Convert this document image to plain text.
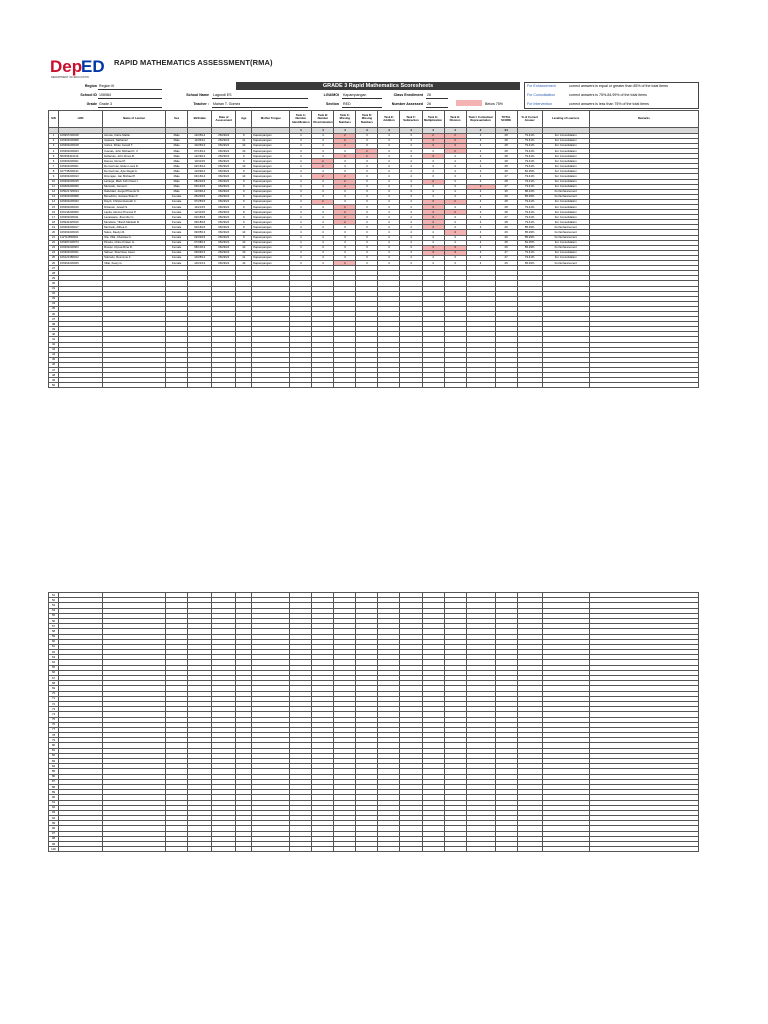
Dep
ED
DEPARTMENT OF EDUCATION
RAPID MATHEMATICS ASSESSMENT(RMA)
Region Region III
School ID 106984
Grade Grade 3
GRADE 3 Rapid Mathematics Scoresheets
School Name Lagundi ES
Teacher : Mairan T. Gomez
LGU/MOI Kapampangan
Section RED
Class Enrollment 26
Number Assessed 26	Below 75%
For Enhancement	correct answers is equal or greater than 85% of the total items
For Consolidation	correct answers is 75%-84.99% of the total items
For Intervention	correct answers is less than 75% of the total items
S/N	LRN	Name of Learner	Sex	Birthdate	Date of Assessment	Age	Mother Tongue	Task A: Number Identification	Task B: Number Discrimination	Task C: Missing Numbers	Task D: Missing Numbers	Task E: Addition	Task F: Subtraction	Task G: Multiplication	Task H: Division	Task I: Contextual Representation	TOTAL SCORE	% of Correct Answer	Leveling of Learners	Remarks
								4	4	4	4	4	4	4	4	4	34			
1	106997230018	Acunia, Claire Mattie	Male	12/25/14	06/29/24	9	Kapampangan	4	4	2	3	4	3	2	2	4	28	79.41%	For Consolidation	
2	106363230008	Apasani, Nathaniel	Male	11/26/12	06/29/24	11	Kapampangan	4	4	2	3	4	4	3	2	4	28	79.41%	For Consolidation	
3	106363230018	Carlos, Khian Jonard T.	Male	10/26/13	06/29/24	10	Kapampangan	4	4	2	3	4	4	3	3	4	28	79.41%	For Consolidation	
4	106363230023	Cuevas, John Michael D. II	Male	07/16/14	06/29/24	10	Kapampangan	4	4	3	2	4	4	3	2	4	28	79.41%	For Consolidation	
5	500356310116	Dellamas, John Rovie B.	Male	12/29/14	06/29/24	9	Kapampangan	4	4	2	2	4	4	3	4	4	28	79.41%	For Consolidation	
6	106363230021	Dames, Romel P.	Male	10/11/15	06/29/24	9	Kapampangan	4	2	3	3	4	4	3	4	4	28	79.41%	For Consolidation	
7	106363230001	De Guzman, Elden Louis D.	Male	02/16/14	06/29/24	10	Kapampangan	4	2	3	3	4	4	3	3	4	28	79.41%	For Consolidation	
8	107735230131	De Guzman, Zyle Regal G.	Male	12/09/14	06/29/24	9	Kapampangan	4	4	3	3	4	4	4	4	4	28	82.35%	For Consolidation	
9	106363230013	Dinongan, Jan Michael P.	Male	04/16/14	06/29/24	10	Kapampangan	4	2	2	3	4	4	3	3	4	27	79.41%	For Consolidation	
10	106363230015	Lantoga, Mark John Dean I.	Male	08/22/15	06/29/24	9	Kapampangan	4	4	2	3	4	4	2	3	4	28	79.41%	For Consolidation	
11	106363230030	Mercado, Jomuel I.	Male	03/14/15	06/29/24	9	Kapampangan	4	4	2	3	4	4	3	3	3	27	79.41%	For Consolidation	
12	105021720014	Natividad, Joegel Phoenix N.	Male	12/09/14	06/29/24	9	Kapampangan	4	4	3	3	4	4	4	4	4	30	88.24%	For Enhancement	
13	106363230008	Benedicto, Jussiea Shan P.	Female	05/20/15	06/29/24	9	Kapampangan	4	4	3	3	4	4	4	4	4	29	85.29%	For Enhancement	
14	106363230033	Dayrit, Christel Hannah C.	Female	07/25/15	06/29/24	9	Kapampangan	4	2	3	3	4	4	3	2	4	28	79.41%	For Consolidation	
15	106363230010	Dizanam, Jewell S.	Female	11/21/15	06/29/24	9	Kapampangan	4	4	2	3	4	4	3	3	4	28	79.41%	For Consolidation	
16	106136200006	Lapita, Alonna Princess P.	Female	12/11/15	06/29/24	8	Kapampangan	4	4	2	3	4	4	3	2	4	28	79.41%	For Consolidation	
17	106363230011	Lavaswara, Jhennifer C.	Female	02/18/15	06/29/24	9	Kapampangan	4	4	2	3	4	4	3	3	4	27	79.41%	For Consolidation	
18	106942420016	Mendieta, Ylliesh Marleah B.	Female	09/18/15	06/29/24	9	Kapampangan	4	4	2	3	4	4	3	3	4	28	79.41%	For Consolidation	
19	106363230017	Mercado, Althea C.	Female	02/16/15	06/29/24	9	Kapampangan	4	4	3	3	4	4	3	4	4	29	85.29%	For Enhancement	
20	106363230016	Nalos, Daelyn R.	Female	09/05/13	06/29/24	10	Kapampangan	4	4	3	3	4	4	4	3	4	29	85.29%	For Enhancement	
21	112711550001	Ola, Villa, Charissa G.	Female	02/02/15	06/29/24	9	Kapampangan	4	4	3	3	4	4	4	3	4	29	85.29%	For Enhancement	
22	106387230073	Pineda, Chloe Kristen G.	Female	07/08/13	06/29/24	10	Kapampangan	4	4	3	3	4	4	4	4	4	28	82.35%	For Consolidation	
23	106363230003	Rosqui, Alyssa Rina R.	Female	08/10/13	06/29/24	10	Kapampangan	4	4	3	3	4	3	3	3	4	29	85.29%	For Enhancement	
24	106363230031	Saboer, Sherrilose Janet	Female	09/09/13	06/29/24	10	Kapampangan	4	4	3	3	4	4	3	3	4	27	79.41%	For Consolidation	
25	106121380012	Sobredo, Rosmmie F.	Female	10/25/12	06/29/24	11	Kapampangan	4	4	3	3	4	4	4	3	4	27	79.41%	For Consolidation	
26	106363230025	Villar, Keely G.	Female	10/21/13	06/29/24	10	Kapampangan	4	4	2	3	4	4	4	3	4	29	85.29%	For Enhancement	
27																				
28																				
29																				
30																				
31																				
32																				
33																				
34																				
35																				
36																				
37																				
38																				
39																				
40																				
41																				
42																				
43																				
44																				
45																				
46																				
47																				
48																				
49																				
50																				
51																				
52																				
53																				
54																				
55																				
56																				
57																				
58																				
59																				
60																				
61																				
62																				
63																				
64																				
65																				
66																				
67																				
68																				
69																				
70																				
71																				
72																				
73																				
74																				
75																				
76																				
77																				
78																				
79																				
80																				
81																				
82																				
83																				
84																				
85																				
86																				
87																				
88																				
89																				
90																				
91																				
92																				
93																				
94																				
95																				
96																				
97																				
98																				
99																				
100																				
